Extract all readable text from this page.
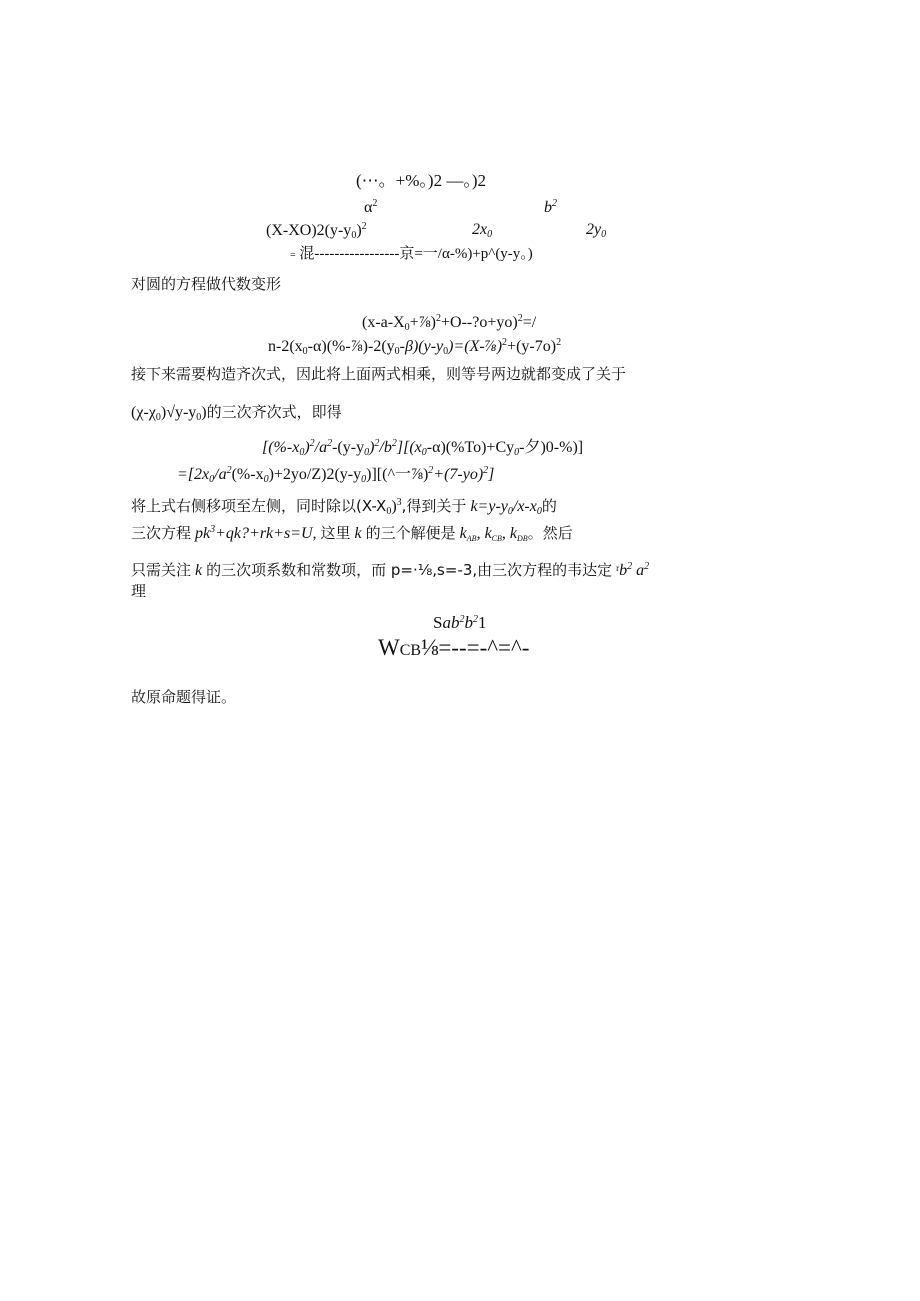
(⋯。+%。)2 —。)2
$\alpha^2$	$b^2$
$(X-XO)2(y-y_0)^2$	$2x_0$	$2y_0$
= 混-----------------京=一/α-%)+p^(y-y。)
对圆的方程做代数变形
$(x-a-X_0+\frac{7}{8})^2+O--?o+yo)^2=/$
$n-2(x_0-\alpha)(\%-\frac{7}{8})-2(y_0-\beta)(y-y_0)=(X-\frac{7}{8})^2+(y-7o)^2$
接下来需要构造齐次式，因此将上面两式相乘，则等号两边就都变成了关于
$(\chi-\chi_0)√y-y_0$)的三次齐次式，即得
$[(\%-x_0)^2/a^2-(y-y_0)^2/b^2][(x_0-\alpha)(\%To)+Cy_0-$夕)0-%)]
$=[2x_0/a^2(\%-x_0)+2yo/Z)2(y-y_0)][(\^{}$一$\frac{7}{8})^2+(7-yo)^2$]
将上式右侧移项至左侧，同时除以$(X-X_0)^3$,得到关于 $k=y-y_0/x-x_0$的
三次方程 $pk^3+qk?+rk+s=U$, 这里 k 的三个解便是 $k_{AB}$, $k_{CB}$, $k_{DB}$。然后
只需关注 k 的三次项系数和常数项，而 p=·⅛,s=-3,由三次方程的韦达定 $^rb^2$ $a^2$
理
$Sab^2b^21$
WCB⅛=--=-^=^-
故原命题得证。
